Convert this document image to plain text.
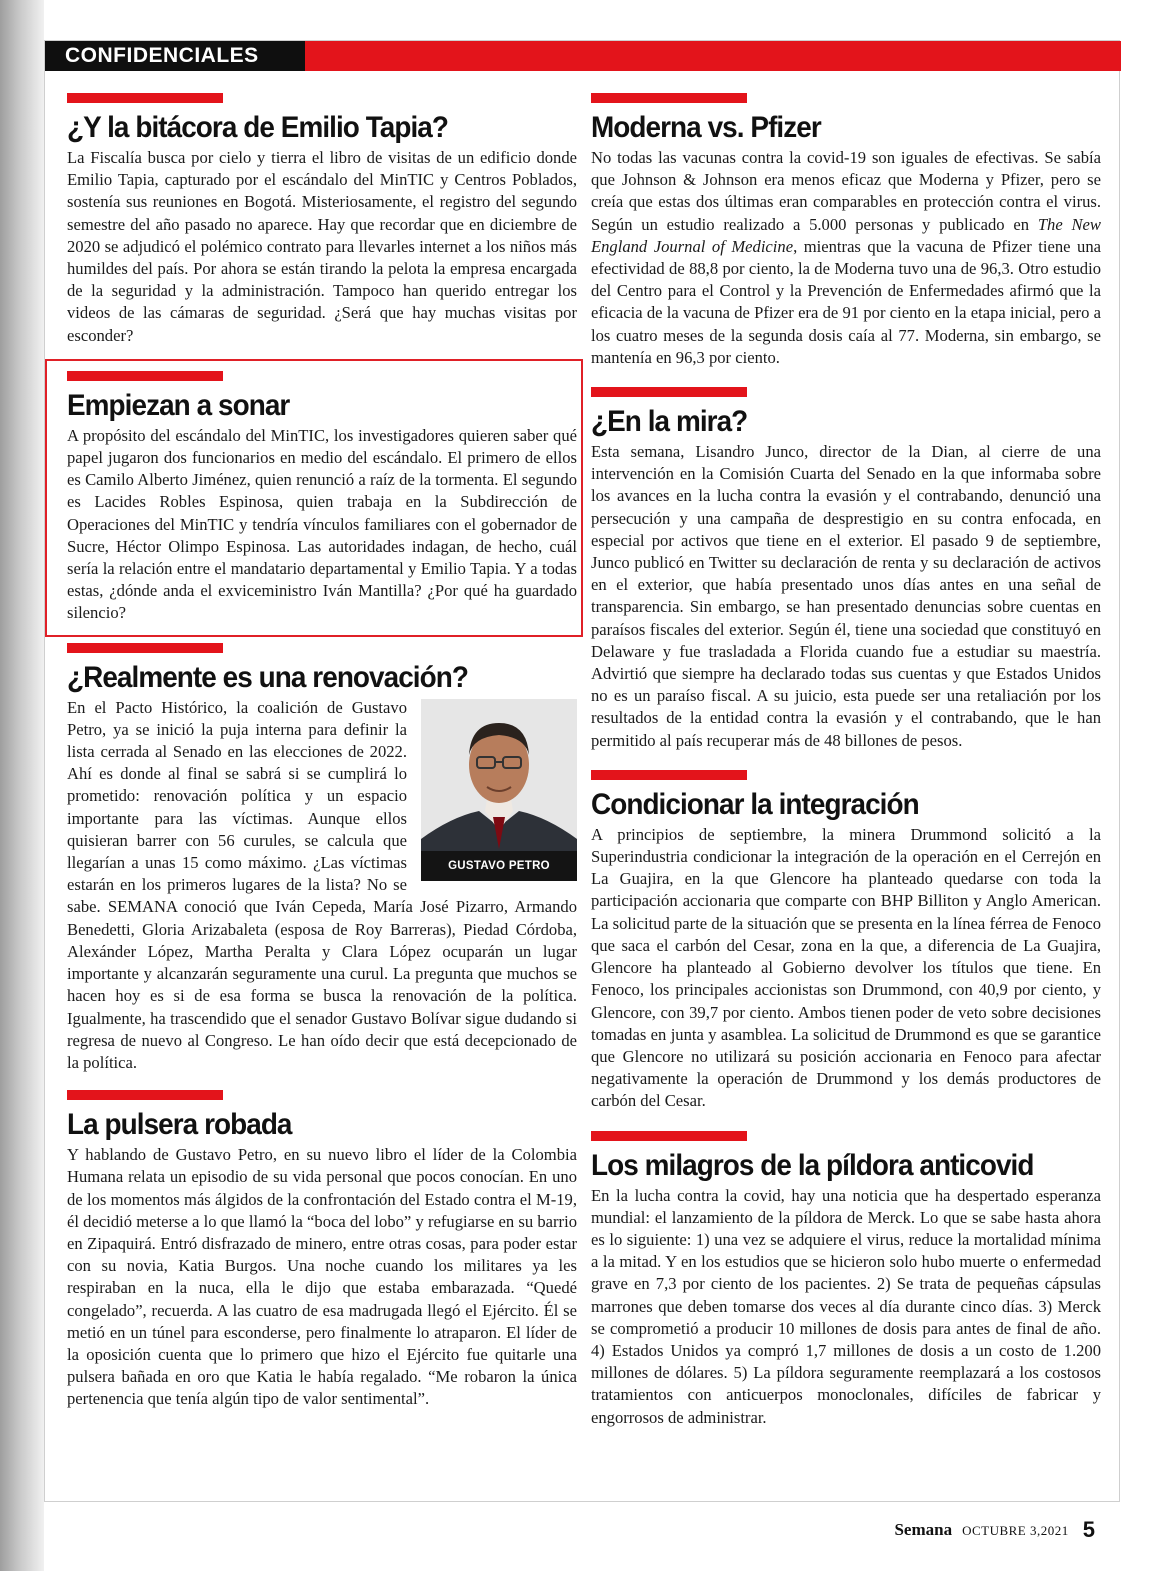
CONFIDENCIALES
¿Y la bitácora de Emilio Tapia?

La Fiscalía busca por cielo y tierra el libro de visitas de un edificio donde Emilio Tapia, capturado por el escándalo del MinTIC y Centros Poblados, sostenía sus reuniones en Bogotá. Misteriosamente, el registro del segundo semestre del año pasado no aparece. Hay que recordar que en diciembre de 2020 se adjudicó el polémico contrato para llevarles internet a los niños más humildes del país. Por ahora se están tirando la pelota la empresa encargada de la seguridad y la administración. Tampoco han querido entregar los videos de las cámaras de seguridad. ¿Será que hay muchas visitas por esconder?

Empiezan a sonar

A propósito del escándalo del MinTIC, los investigadores quieren saber qué papel jugaron dos funcionarios en medio del escándalo. El primero de ellos es Camilo Alberto Jiménez, quien renunció a raíz de la tormenta. El segundo es Lacides Robles Espinosa, quien trabaja en la Subdirección de Operaciones del MinTIC y tendría vínculos familiares con el gobernador de Sucre, Héctor Olimpo Espinosa. Las autoridades indagan, de hecho, cuál sería la relación entre el mandatario departamental y Emilio Tapia. Y a todas estas, ¿dónde anda el exviceministro Iván Mantilla? ¿Por qué ha guardado silencio?

¿Realmente es una renovación?

GUSTAVO PETRO
En el Pacto Histórico, la coalición de Gustavo Petro, ya se inició la puja interna para definir la lista cerrada al Senado en las elecciones de 2022. Ahí es donde al final se sabrá si se cumplirá lo prometido: renovación política y un espacio importante para las víctimas. Aunque ellos quisieran barrer con 56 curules, se calcula que llegarían a unas 15 como máximo. ¿Las víctimas estarán en los primeros lugares de la lista? No se sabe. SEMANA conoció que Iván Cepeda, María José Pizarro, Armando Benedetti, Gloria Arizabaleta (esposa de Roy Barreras), Piedad Córdoba, Alexánder López, Martha Peralta y Clara López ocuparán un lugar importante y alcanzarán seguramente una curul. La pregunta que muchos se hacen hoy es si de esa forma se busca la renovación de la política. Igualmente, ha trascendido que el senador Gustavo Bolívar sigue dudando si regresa de nuevo al Congreso. Le han oído decir que está decepcionado de la política.

La pulsera robada

Y hablando de Gustavo Petro, en su nuevo libro el líder de la Colombia Humana relata un episodio de su vida personal que pocos conocían. En uno de los momentos más álgidos de la confrontación del Estado contra el M-19, él decidió meterse a lo que llamó la “boca del lobo” y refugiarse en su barrio en Zipaquirá. Entró disfrazado de minero, entre otras cosas, para poder estar con su novia, Katia Burgos. Una noche cuando los militares ya les respiraban en la nuca, ella le dijo que estaba embarazada. “Quedé congelado”, recuerda. A las cuatro de esa madrugada llegó el Ejército. Él se metió en un túnel para esconderse, pero finalmente lo atraparon. El líder de la oposición cuenta que lo primero que hizo el Ejército fue quitarle una pulsera bañada en oro que Katia le había regalado. “Me robaron la única pertenencia que tenía algún tipo de valor sentimental”.

Moderna vs. Pfizer

No todas las vacunas contra la covid-19 son iguales de efectivas. Se sabía que Johnson & Johnson era menos eficaz que Moderna y Pfizer, pero se creía que estas dos últimas eran comparables en protección contra el virus. Según un estudio realizado a 5.000 personas y publicado en The New England Journal of Medicine, mientras que la vacuna de Pfizer tiene una efectividad de 88,8 por ciento, la de Moderna tuvo una de 96,3. Otro estudio del Centro para el Control y la Prevención de Enfermedades afirmó que la eficacia de la vacuna de Pfizer era de 91 por ciento en la etapa inicial, pero a los cuatro meses de la segunda dosis caía al 77. Moderna, sin embargo, se mantenía en 96,3 por ciento.

¿En la mira?

Esta semana, Lisandro Junco, director de la Dian, al cierre de una intervención en la Comisión Cuarta del Senado en la que informaba sobre los avances en la lucha contra la evasión y el contrabando, denunció una persecución y una campaña de desprestigio en su contra enfocada, en especial por activos que tiene en el exterior. El pasado 9 de septiembre, Junco publicó en Twitter su declaración de renta y su declaración de activos en el exterior, que había presentado unos días antes en una señal de transparencia. Sin embargo, se han presentado denuncias sobre cuentas en paraísos fiscales del exterior. Según él, tiene una sociedad que constituyó en Delaware y fue trasladada a Florida cuando fue a estudiar su maestría. Advirtió que siempre ha declarado todas sus cuentas y que Estados Unidos no es un paraíso fiscal. A su juicio, esta puede ser una retaliación por los resultados de la entidad contra la evasión y el contrabando, que le han permitido al país recuperar más de 48 billones de pesos.

Condicionar la integración

A principios de septiembre, la minera Drummond solicitó a la Superindustria condicionar la integración de la operación en el Cerrejón en La Guajira, en la que Glencore ha planteado quedarse con toda la participación accionaria que comparte con BHP Billiton y Anglo American. La solicitud parte de la situación que se presenta en la línea férrea de Fenoco que saca el carbón del Cesar, zona en la que, a diferencia de La Guajira, Glencore ha planteado al Gobierno devolver los títulos que tiene. En Fenoco, los principales accionistas son Drummond, con 40,9 por ciento, y Glencore, con 39,7 por ciento. Ambos tienen poder de veto sobre decisiones tomadas en junta y asamblea. La solicitud de Drummond es que se garantice que Glencore no utilizará su posición accionaria en Fenoco para afectar negativamente la operación de Drummond y los demás productores de carbón del Cesar.

Los milagros de la píldora anticovid

En la lucha contra la covid, hay una noticia que ha despertado esperanza mundial: el lanzamiento de la píldora de Merck. Lo que se sabe hasta ahora es lo siguiente: 1) una vez se adquiere el virus, reduce la mortalidad mínima a la mitad. Y en los estudios que se hicieron solo hubo muerte o enfermedad grave en 7,3 por ciento de los pacientes. 2) Se trata de pequeñas cápsulas marrones que deben tomarse dos veces al día durante cinco días. 3) Merck se comprometió a producir 10 millones de dosis para antes de final de año. 4) Estados Unidos ya compró 1,7 millones de dosis a un costo de 1.200 millones de dólares. 5) La píldora seguramente reemplazará a los costosos tratamientos con anticuerpos monoclonales, difíciles de fabricar y engorrosos de administrar.

Semana OCTUBRE 3,2021 5
